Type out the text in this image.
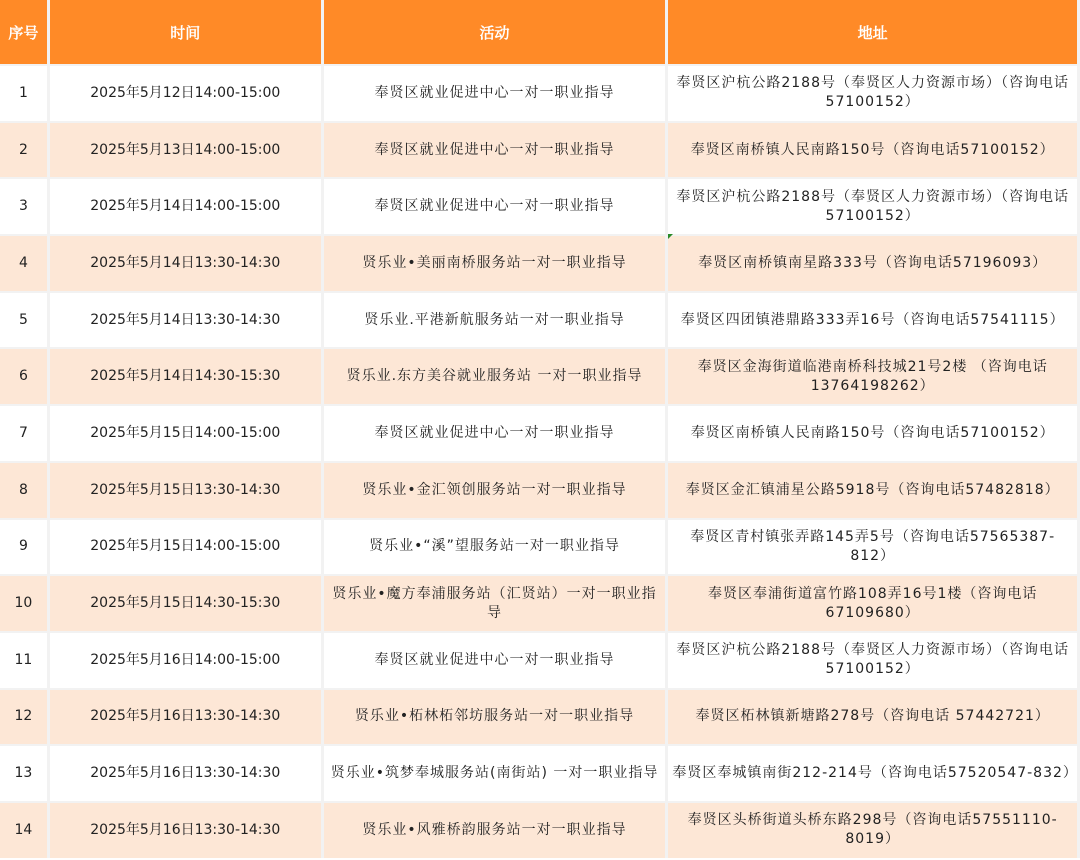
序号	时间	活动	地址
1	2025年5月12日14:00-15:00	奉贤区就业促进中心一对一职业指导	奉贤区沪杭公路2188号（奉贤区人力资源市场）（咨询电话57100152）
2	2025年5月13日14:00-15:00	奉贤区就业促进中心一对一职业指导	奉贤区南桥镇人民南路150号（咨询电话57100152）
3	2025年5月14日14:00-15:00	奉贤区就业促进中心一对一职业指导	奉贤区沪杭公路2188号（奉贤区人力资源市场）（咨询电话57100152）
4	2025年5月14日13:30-14:30	贤乐业•美丽南桥服务站一对一职业指导	奉贤区南桥镇南星路333号（咨询电话57196093）
5	2025年5月14日13:30-14:30	贤乐业.平港新航服务站一对一职业指导	奉贤区四团镇港鼎路333弄16号（咨询电话57541115）
6	2025年5月14日14:30-15:30	贤乐业.东方美谷就业服务站 一对一职业指导	奉贤区金海街道临港南桥科技城21号2楼 （咨询电话13764198262）
7	2025年5月15日14:00-15:00	奉贤区就业促进中心一对一职业指导	奉贤区南桥镇人民南路150号（咨询电话57100152）
8	2025年5月15日13:30-14:30	贤乐业•金汇领创服务站一对一职业指导	奉贤区金汇镇浦星公路5918号（咨询电话57482818）
9	2025年5月15日14:00-15:00	贤乐业•“溪”望服务站一对一职业指导	奉贤区青村镇张弄路145弄5号（咨询电话57565387-812）
10	2025年5月15日14:30-15:30	贤乐业•魔方奉浦服务站（汇贤站）一对一职业指导	奉贤区奉浦街道富竹路108弄16号1楼（咨询电话67109680）
11	2025年5月16日14:00-15:00	奉贤区就业促进中心一对一职业指导	奉贤区沪杭公路2188号（奉贤区人力资源市场）（咨询电话57100152）
12	2025年5月16日13:30-14:30	贤乐业•柘林柘邻坊服务站一对一职业指导	奉贤区柘林镇新塘路278号（咨询电话 57442721）
13	2025年5月16日13:30-14:30	贤乐业•筑梦奉城服务站(南街站) 一对一职业指导	奉贤区奉城镇南街212-214号（咨询电话57520547-832）
14	2025年5月16日13:30-14:30	贤乐业•风雅桥韵服务站一对一职业指导	奉贤区头桥街道头桥东路298号（咨询电话57551110-8019）
